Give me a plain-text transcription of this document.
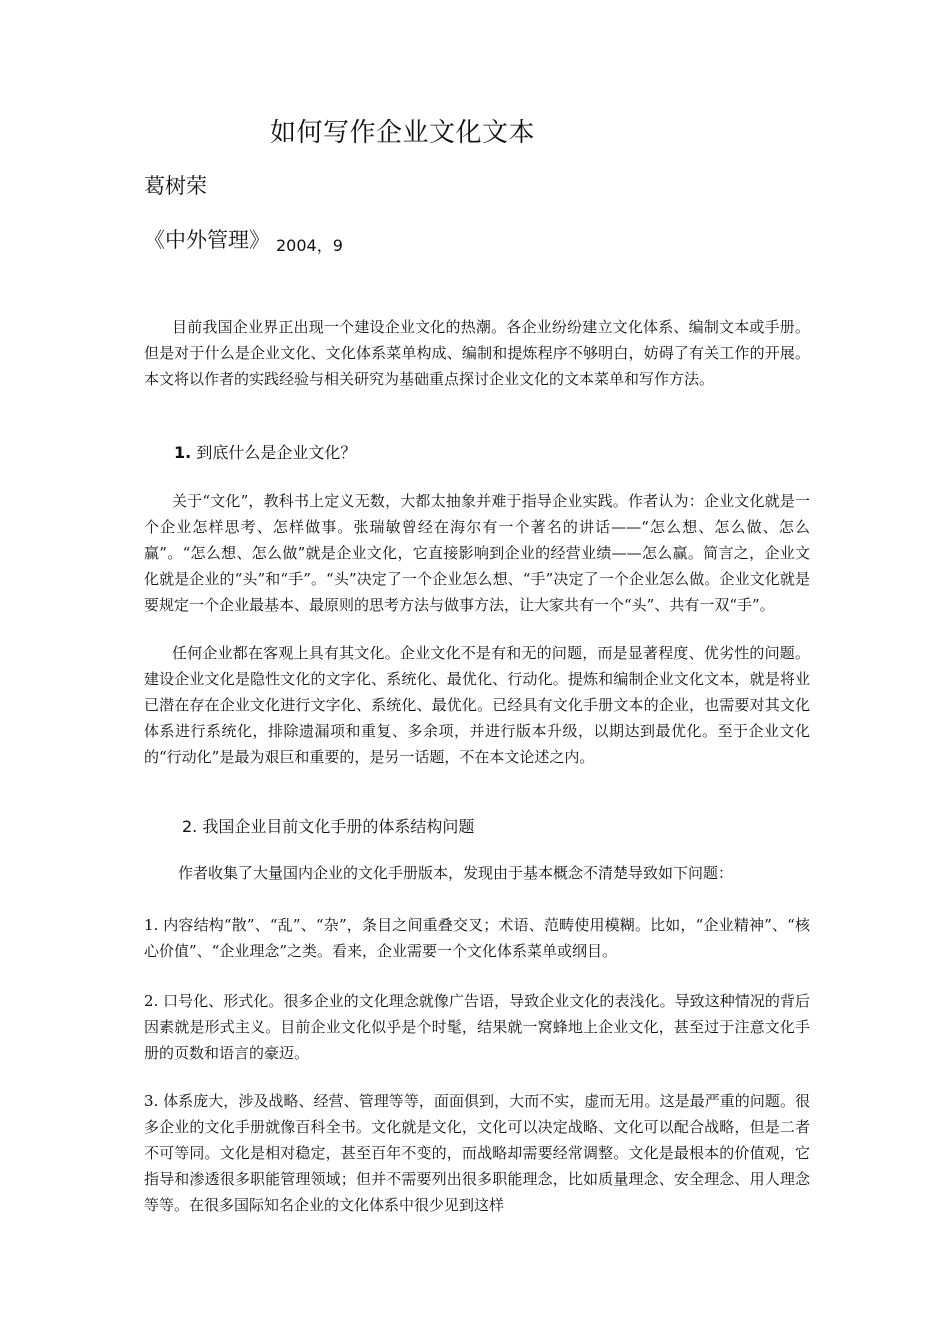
如何写作企业文化文本
葛树荣
《中外管理》 2004，9
目前我国企业界正出现一个建设企业文化的热潮。各企业纷纷建立文化体系、编制文本或手册。但是对于什么是企业文化、文化体系菜单构成、编制和提炼程序不够明白，妨碍了有关工作的开展。本文将以作者的实践经验与相关研究为基础重点探讨企业文化的文本菜单和写作方法。
1. 到底什么是企业文化？
关于“文化”，教科书上定义无数，大都太抽象并难于指导企业实践。作者认为：企业文化就是一个企业怎样思考、怎样做事。张瑞敏曾经在海尔有一个著名的讲话——“怎么想、怎么做、怎么赢”。“怎么想、怎么做”就是企业文化，它直接影响到企业的经营业绩——怎么赢。简言之，企业文化就是企业的“头”和“手”。“头”决定了一个企业怎么想、“手”决定了一个企业怎么做。企业文化就是要规定一个企业最基本、最原则的思考方法与做事方法，让大家共有一个“头”、共有一双“手”。
任何企业都在客观上具有其文化。企业文化不是有和无的问题，而是显著程度、优劣性的问题。建设企业文化是隐性文化的文字化、系统化、最优化、行动化。提炼和编制企业文化文本，就是将业已潜在存在企业文化进行文字化、系统化、最优化。已经具有文化手册文本的企业，也需要对其文化体系进行系统化，排除遗漏项和重复、多余项，并进行版本升级，以期达到最优化。至于企业文化的“行动化”是最为艰巨和重要的，是另一话题，不在本文论述之内。
2. 我国企业目前文化手册的体系结构问题
作者收集了大量国内企业的文化手册版本，发现由于基本概念不清楚导致如下问题：
1. 内容结构“散”、“乱”、“杂”，条目之间重叠交叉；术语、范畴使用模糊。比如，“企业精神”、“核心价值”、“企业理念”之类。看来，企业需要一个文化体系菜单或纲目。
2. 口号化、形式化。很多企业的文化理念就像广告语，导致企业文化的表浅化。导致这种情况的背后因素就是形式主义。目前企业文化似乎是个时髦，结果就一窝蜂地上企业文化，甚至过于注意文化手册的页数和语言的豪迈。
3. 体系庞大，涉及战略、经营、管理等等，面面俱到，大而不实，虚而无用。这是最严重的问题。很多企业的文化手册就像百科全书。文化就是文化，文化可以决定战略、文化可以配合战略，但是二者不可等同。文化是相对稳定，甚至百年不变的，而战略却需要经常调整。文化是最根本的价值观，它指导和渗透很多职能管理领域；但并不需要列出很多职能理念，比如质量理念、安全理念、用人理念等等。在很多国际知名企业的文化体系中很少见到这样
